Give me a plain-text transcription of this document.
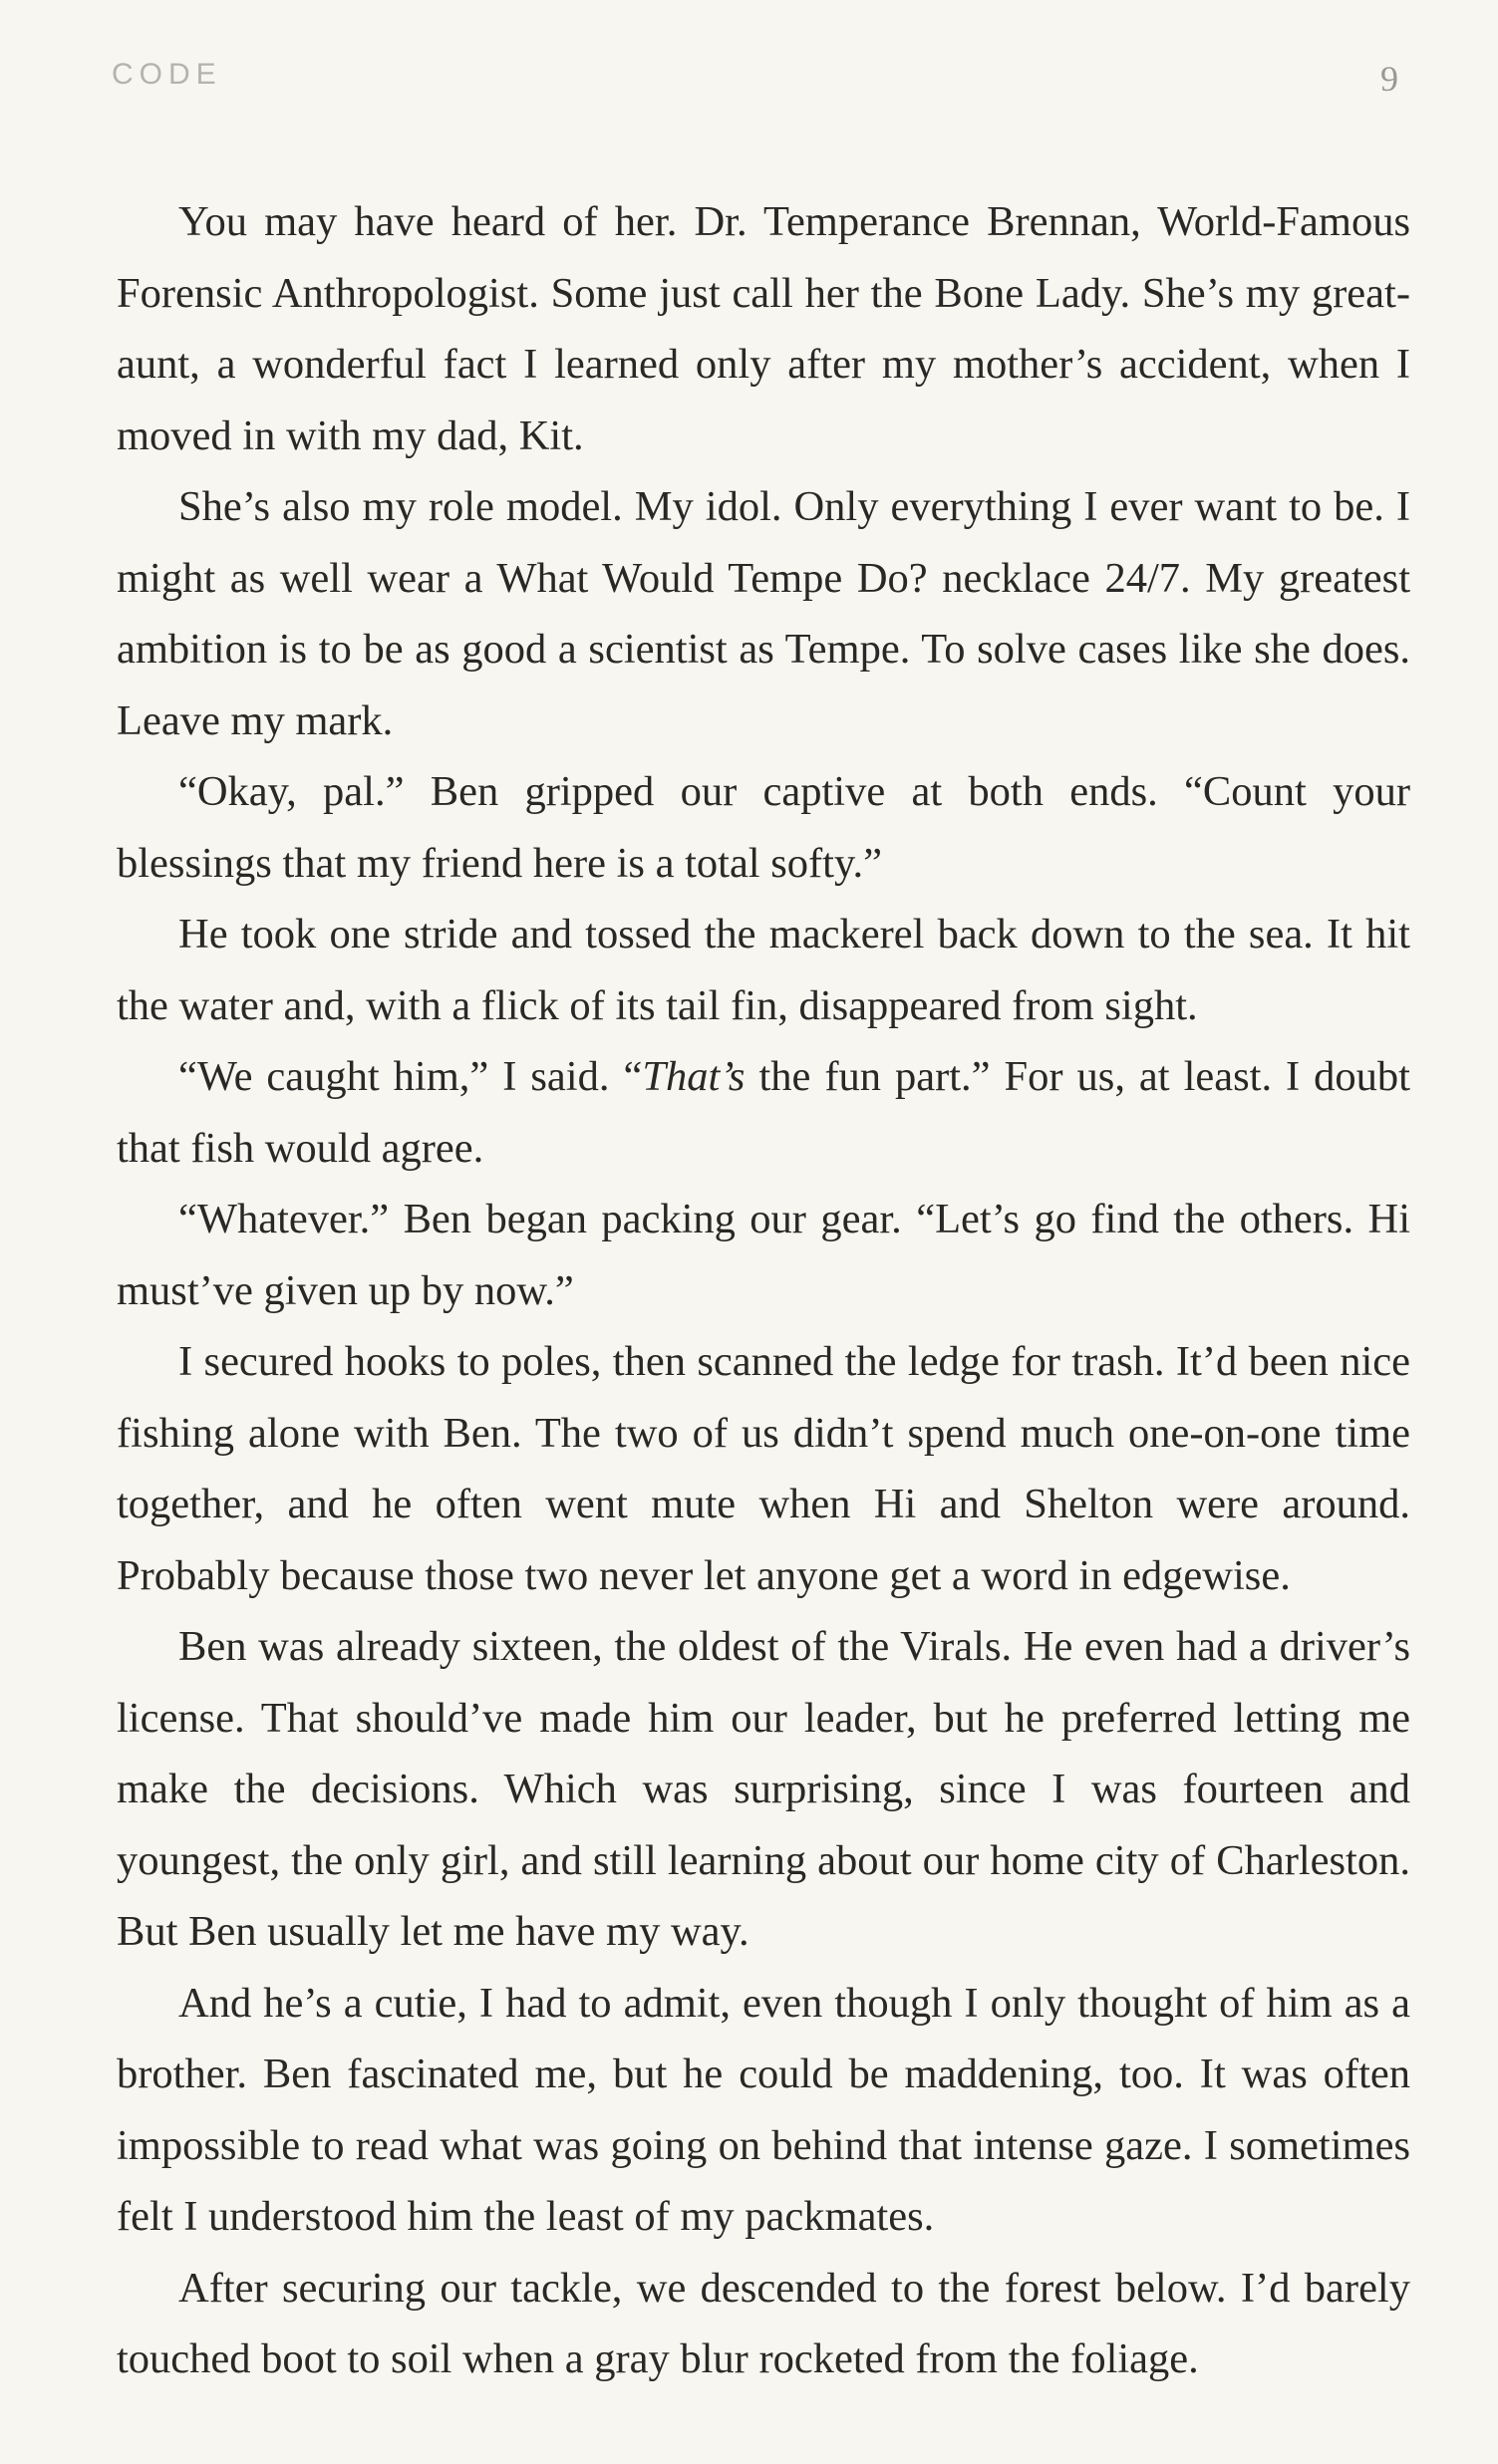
CODE	9

You may have heard of her. Dr. Temperance Brennan, World-Famous Forensic Anthropologist. Some just call her the Bone Lady. She’s my great-aunt, a wonderful fact I learned only after my mother’s accident, when I moved in with my dad, Kit.

She’s also my role model. My idol. Only everything I ever want to be. I might as well wear a What Would Tempe Do? necklace 24/7. My greatest ambition is to be as good a scientist as Tempe. To solve cases like she does. Leave my mark.

“Okay, pal.” Ben gripped our captive at both ends. “Count your blessings that my friend here is a total softy.”

He took one stride and tossed the mackerel back down to the sea. It hit the water and, with a flick of its tail fin, disappeared from sight.

“We caught him,” I said. “That’s the fun part.” For us, at least. I doubt that fish would agree.

“Whatever.” Ben began packing our gear. “Let’s go find the others. Hi must’ve given up by now.”

I secured hooks to poles, then scanned the ledge for trash. It’d been nice fishing alone with Ben. The two of us didn’t spend much one-on-one time together, and he often went mute when Hi and Shelton were around. Probably because those two never let anyone get a word in edgewise.

Ben was already sixteen, the oldest of the Virals. He even had a driver’s license. That should’ve made him our leader, but he preferred letting me make the decisions. Which was surprising, since I was fourteen and youngest, the only girl, and still learning about our home city of Charleston. But Ben usually let me have my way.

And he’s a cutie, I had to admit, even though I only thought of him as a brother. Ben fascinated me, but he could be maddening, too. It was often impossible to read what was going on behind that intense gaze. I sometimes felt I understood him the least of my packmates.

After securing our tackle, we descended to the forest below. I’d barely touched boot to soil when a gray blur rocketed from the foliage.
